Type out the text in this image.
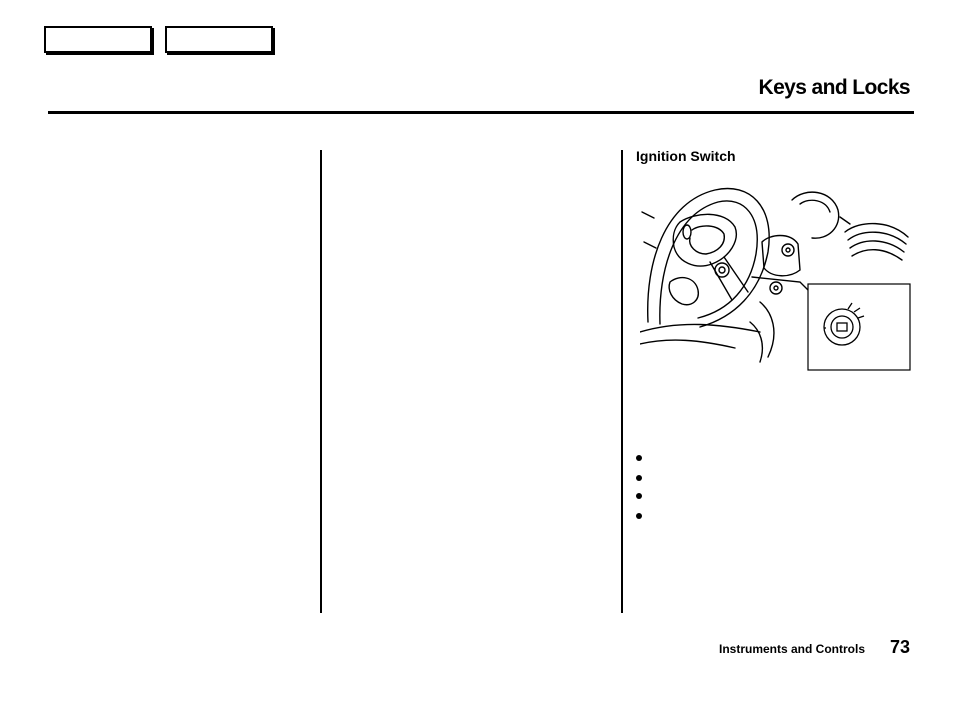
Keys and Locks
Ignition Switch
Instruments and Controls 73
